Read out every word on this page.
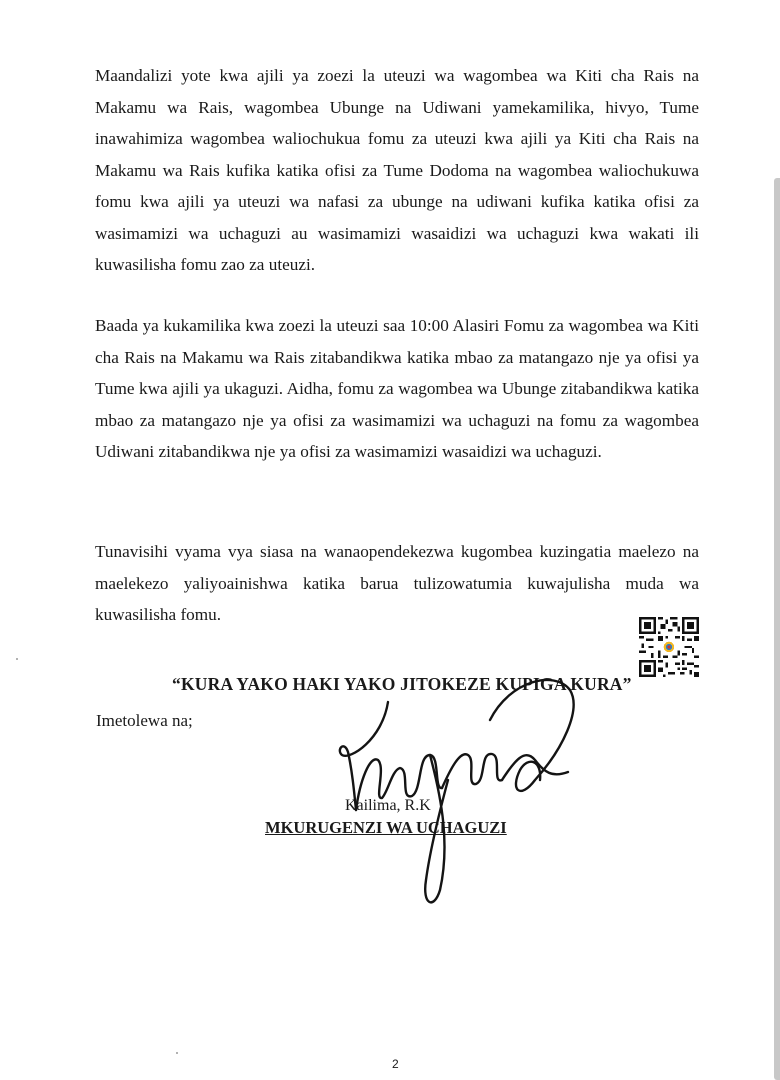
Maandalizi yote kwa ajili ya zoezi la uteuzi wa wagombea wa Kiti cha Rais na Makamu wa Rais, wagombea Ubunge na Udiwani yamekamilika, hivyo, Tume inawahimiza wagombea waliochukua fomu za uteuzi kwa ajili ya Kiti cha Rais na Makamu wa Rais kufika katika ofisi za Tume Dodoma na wagombea waliochukuwa fomu kwa ajili ya uteuzi wa nafasi za ubunge na udiwani kufika katika ofisi za wasimamizi wa uchaguzi au wasimamizi wasaidizi wa uchaguzi kwa wakati ili kuwasilisha fomu zao za uteuzi.

Baada ya kukamilika kwa zoezi la uteuzi saa 10:00 Alasiri Fomu za wagombea wa Kiti cha Rais na Makamu wa Rais zitabandikwa katika mbao za matangazo nje ya ofisi ya Tume kwa ajili ya ukaguzi. Aidha, fomu za wagombea wa Ubunge zitabandikwa katika mbao za matangazo nje ya ofisi za wasimamizi wa uchaguzi na fomu za wagombea Udiwani zitabandikwa nje ya ofisi za wasimamizi wasaidizi wa uchaguzi.

Tunavisihi vyama vya siasa na wanaopendekezwa kugombea kuzingatia maelezo na maelekezo yaliyoainishwa katika barua tulizowatumia kuwajulisha muda wa kuwasilisha fomu.

“KURA YAKO HAKI YAKO JITOKEZE KUPIGA KURA”
Imetolewa na;
Kailima, R.K
MKURUGENZI WA UCHAGUZI
2
